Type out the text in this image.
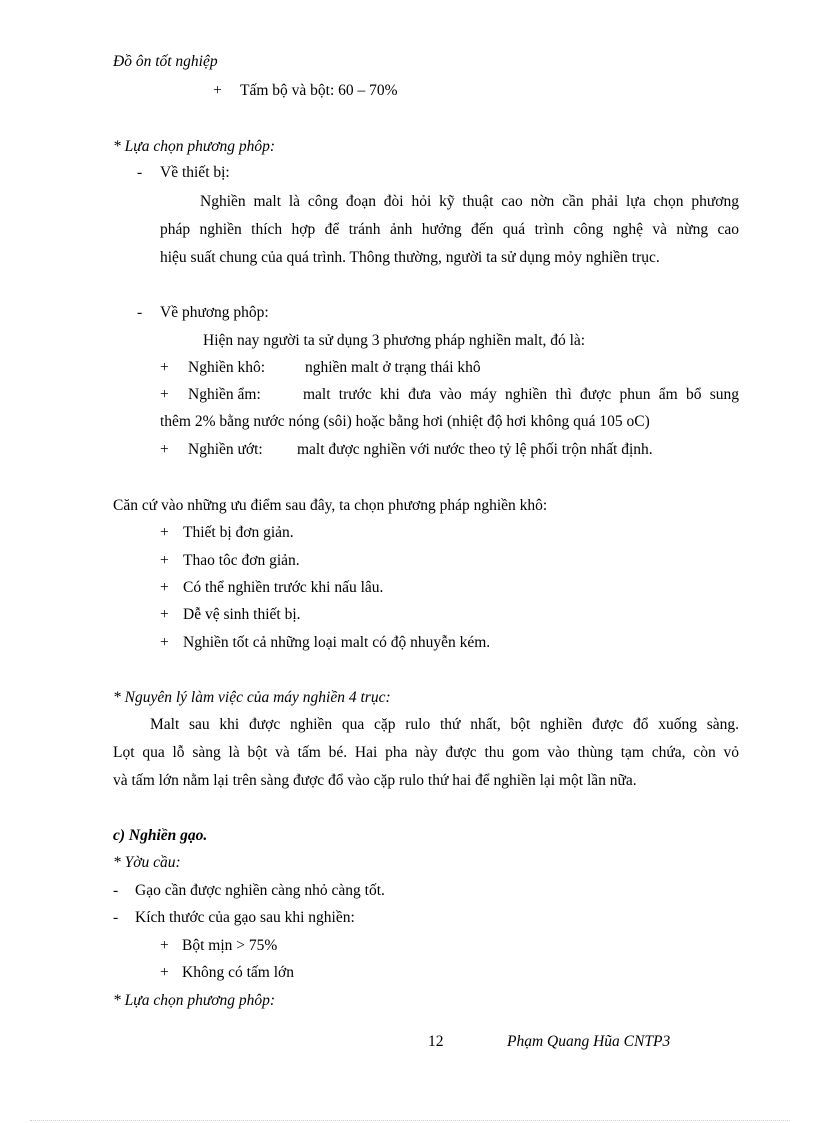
Đồ ôn tốt nghiệp
+ Tấm bộ và bột: 60 – 70%
* Lựa chọn phương phôp:
- Về thiết bị:
Nghiền malt là công đoạn đòi hỏi kỹ thuật cao nờn cần phải lựa chọn phương
pháp nghiền thích hợp để tránh ảnh hưởng đến quá trình công nghệ và nừng cao
hiệu suất chung của quá trình. Thông thường, người ta sử dụng mỏy nghiền trục.
- Về phương phôp:
Hiện nay người ta sử dụng 3 phương pháp nghiền malt, đó là:
+ Nghiền khô:	nghiền malt ở trạng thái khô
+ Nghiền ẩm:	malt trước khi đưa vào máy nghiền thì được phun ẩm bổ sung
thêm 2% bằng nước nóng (sôi) hoặc bằng hơi (nhiệt độ hơi không quá 105 oC)
+ Nghiền ướt: malt được nghiền với nước theo tỷ lệ phối trộn nhất định.
Căn cứ vào những ưu điểm sau đây, ta chọn phương pháp nghiền khô:
+ Thiết bị đơn giản.
+ Thao tôc đơn giản.
+ Có thể nghiền trước khi nấu lâu.
+ Dễ vệ sinh thiết bị.
+ Nghiền tốt cả những loại malt có độ nhuyễn kém.
* Nguyên lý làm việc của máy nghiền 4 trục:
Malt sau khi được nghiền qua cặp rulo thứ nhất, bột nghiền được đổ xuống sàng.
Lọt qua lỗ sàng là bột và tấm bé. Hai pha này được thu gom vào thùng tạm chứa, còn vỏ
và tấm lớn nằm lại trên sàng được đổ vào cặp rulo thứ hai để nghiền lại một lần nữa.
c) Nghiền gạo.
* Yờu cầu:
- Gạo cần được nghiền càng nhỏ càng tốt.
- Kích thước của gạo sau khi nghiền:
+ Bột mịn > 75%
+ Không có tấm lớn
* Lựa chọn phương phôp:
12	Phạm Quang Hũa CNTP3
